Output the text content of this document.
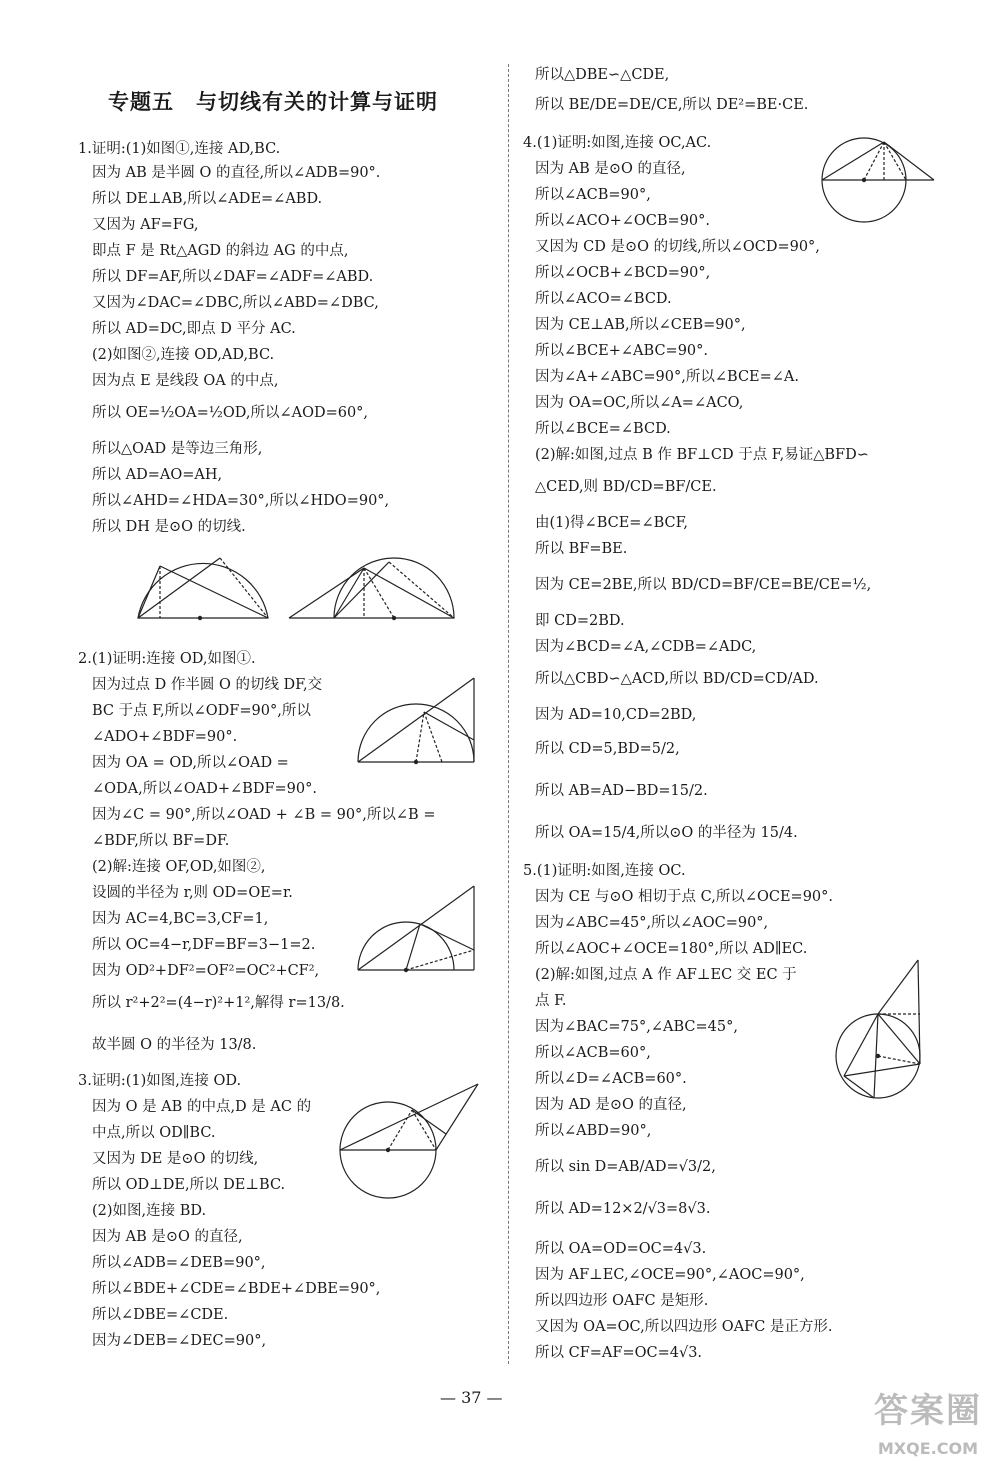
专题五　与切线有关的计算与证明
1.证明:(1)如图①,连接 AD,BC.
因为 AB 是半圆 O 的直径,所以∠ADB=90°.
所以 DE⊥AB,所以∠ADE=∠ABD.
又因为 AF=FG,
即点 F 是 Rt△AGD 的斜边 AG 的中点,
所以 DF=AF,所以∠DAF=∠ADF=∠ABD.
又因为∠DAC=∠DBC,所以∠ABD=∠DBC,
所以 AD=DC,即点 D 平分 AC.
(2)如图②,连接 OD,AD,BC.
因为点 E 是线段 OA 的中点,
所以 OE=½OA=½OD,所以∠AOD=60°,
所以△OAD 是等边三角形,
所以 AD=AO=AH,
所以∠AHD=∠HDA=30°,所以∠HDO=90°,
所以 DH 是⊙O 的切线.
2.(1)证明:连接 OD,如图①.
因为过点 D 作半圆 O 的切线 DF,交
BC 于点 F,所以∠ODF=90°,所以
∠ADO+∠BDF=90°.
因为 OA = OD,所以∠OAD =
∠ODA,所以∠OAD+∠BDF=90°.
因为∠C = 90°,所以∠OAD + ∠B = 90°,所以∠B =
∠BDF,所以 BF=DF.
(2)解:连接 OF,OD,如图②,
设圆的半径为 r,则 OD=OE=r.
因为 AC=4,BC=3,CF=1,
所以 OC=4−r,DF=BF=3−1=2.
因为 OD²+DF²=OF²=OC²+CF²,
所以 r²+2²=(4−r)²+1²,解得 r=13/8.
故半圆 O 的半径为 13/8.
3.证明:(1)如图,连接 OD.
因为 O 是 AB 的中点,D 是 AC 的
中点,所以 OD∥BC.
又因为 DE 是⊙O 的切线,
所以 OD⊥DE,所以 DE⊥BC.
(2)如图,连接 BD.
因为 AB 是⊙O 的直径,
所以∠ADB=∠DEB=90°,
所以∠BDE+∠CDE=∠BDE+∠DBE=90°,
所以∠DBE=∠CDE.
因为∠DEB=∠DEC=90°,
所以△DBE∽△CDE,
所以 BE/DE=DE/CE,所以 DE²=BE·CE.
4.(1)证明:如图,连接 OC,AC.
因为 AB 是⊙O 的直径,
所以∠ACB=90°,
所以∠ACO+∠OCB=90°.
又因为 CD 是⊙O 的切线,所以∠OCD=90°,
所以∠OCB+∠BCD=90°,
所以∠ACO=∠BCD.
因为 CE⊥AB,所以∠CEB=90°,
所以∠BCE+∠ABC=90°.
因为∠A+∠ABC=90°,所以∠BCE=∠A.
因为 OA=OC,所以∠A=∠ACO,
所以∠BCE=∠BCD.
(2)解:如图,过点 B 作 BF⊥CD 于点 F,易证△BFD∽
△CED,则 BD/CD=BF/CE.
由(1)得∠BCE=∠BCF,
所以 BF=BE.
因为 CE=2BE,所以 BD/CD=BF/CE=BE/CE=½,
即 CD=2BD.
因为∠BCD=∠A,∠CDB=∠ADC,
所以△CBD∽△ACD,所以 BD/CD=CD/AD.
因为 AD=10,CD=2BD,
所以 CD=5,BD=5/2,
所以 AB=AD−BD=15/2.
所以 OA=15/4,所以⊙O 的半径为 15/4.
5.(1)证明:如图,连接 OC.
因为 CE 与⊙O 相切于点 C,所以∠OCE=90°.
因为∠ABC=45°,所以∠AOC=90°,
所以∠AOC+∠OCE=180°,所以 AD∥EC.
(2)解:如图,过点 A 作 AF⊥EC 交 EC 于
点 F.
因为∠BAC=75°,∠ABC=45°,
所以∠ACB=60°,
所以∠D=∠ACB=60°.
因为 AD 是⊙O 的直径,
所以∠ABD=90°,
所以 sin D=AB/AD=√3/2,
所以 AD=12×2/√3=8√3.
所以 OA=OD=OC=4√3.
因为 AF⊥EC,∠OCE=90°,∠AOC=90°,
所以四边形 OAFC 是矩形.
又因为 OA=OC,所以四边形 OAFC 是正方形.
所以 CF=AF=OC=4√3.
— 37 —	答案圈
MXQE.COM
